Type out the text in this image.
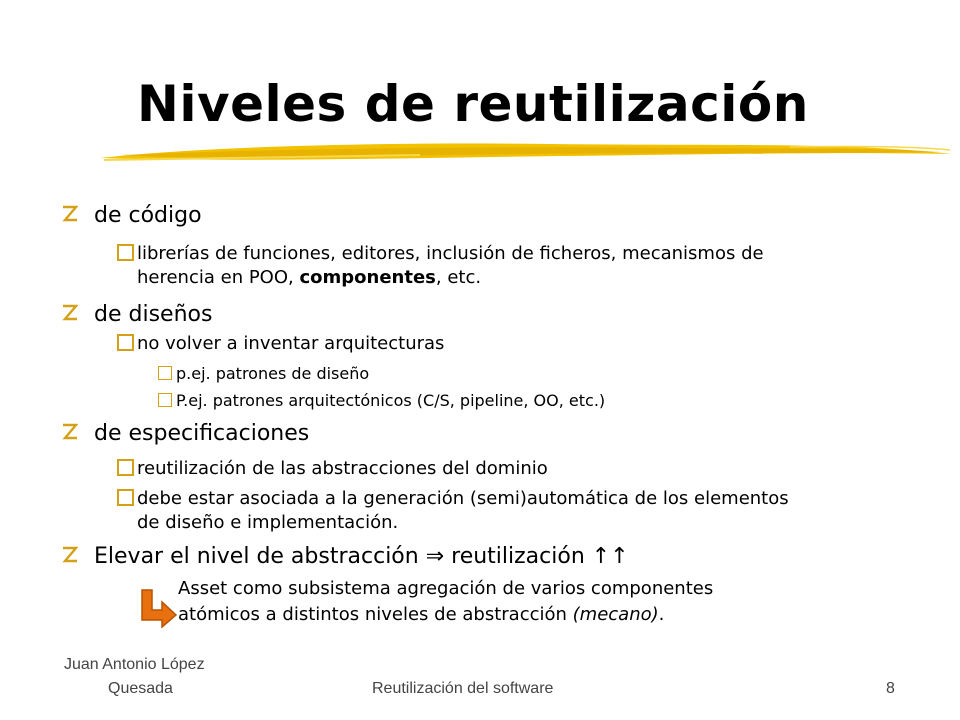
Niveles de reutilización
de código
librerías de funciones, editores, inclusión de ficheros, mecanismos de
herencia en POO, componentes, etc.
de diseños
no volver a inventar arquitecturas
p.ej. patrones de diseño
P.ej. patrones arquitectónicos (C/S, pipeline, OO, etc.)
de especificaciones
reutilización de las abstracciones del dominio
debe estar asociada a la generación (semi)automática de los elementos
de diseño e implementación.
Elevar el nivel de abstracción ⇒ reutilización ↑↑
Asset como subsistema agregación de varios componentes
atómicos a distintos niveles de abstracción (mecano).
Juan Antonio López
Quesada	Reutilización del software	8
